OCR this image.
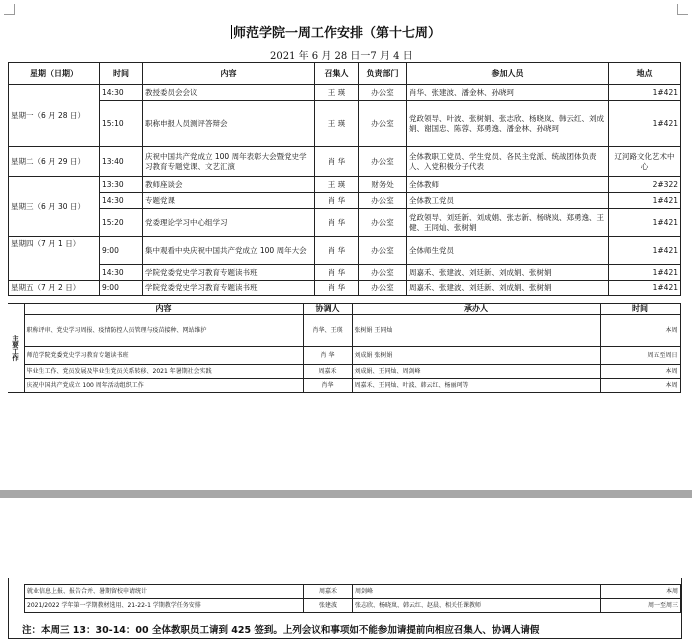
师范学院一周工作安排（第十七周）
2021 年 6 月 28 日一7 月 4 日
星期（日期）	时间	内容	召集人	负责部门	参加人员	地点
星期一（6 月 28 日）	14:30	教授委员会会议	王 瑛	办公室	肖华、张建波、潘金林、孙晓珂	1#421
	15:10	职称申报人员测评答辩会	王 瑛	办公室	党政领导、叶波、张树娟、张志欣、杨晓岚、韩云红、刘成娟、谢国忠、陈蓉、郑勇逸、潘金林、孙晓珂	1#421
星期二（6 月 29 日）	13:40	庆祝中国共产党成立 100 周年表彰大会暨党史学习教育专题党课、文艺汇演	肖 华	办公室	全体教职工党员、学生党员、各民主党派、统战团体负责人、入党积极分子代表	辽河路文化艺术中心
星期三（6 月 30 日）	13:30	教师座谈会	王 瑛	财务处	全体教师	2#322
	14:30	专题党课	肖 华	办公室	全体教工党员	1#421
	15:20	党委理论学习中心组学习	肖 华	办公室	党政领导、刘廷新、刘成娟、张志新、杨晓岚、郑勇逸、王健、王同灿、张树娟	1#421
星期四（7 月 1 日）	9:00	集中观看中央庆祝中国共产党成立 100 周年大会	肖 华	办公室	全体师生党员	1#421
	14:30	学院党委党史学习教育专题读书班	肖 华	办公室	周嘉禾、张建波、刘廷新、刘成娟、张树娟	1#421
星期五（7 月 2 日）	9:00	学院党委党史学习教育专题读书班	肖 华	办公室	周嘉禾、张建波、刘廷新、刘成娟、张树娟	1#421
主要工作	内容	协调人	承办人	时间
	职称评审、党史学习周报、疫情防控人员管理与疫苗接种、网站维护	肖华、王瑛	张树娟 王同灿	本周
	师范学院党委党史学习教育专题读书班	肖 华	刘成娟 张树娟	周五至周日
	毕业生工作、党员发展及毕业生党员关系转移、2021 年暑期社会实践	周嘉禾	刘成娟、王同灿、周剑峰	本周
	庆祝中国共产党成立 100 周年活动组织工作	肖华	周嘉禾、王同灿、叶波、韩云红、杨丽珂等	本周
就业信息上报、报告合并、暑期留校申请统计	周嘉禾	周剑峰	本周
2021/2022 学年第一学期教材选用、21-22-1 学期教学任务安排	张建波	张志欣、杨晓岚、韩云红、赵晨、相关任课教师	周一至周三
注：本周三 13：30-14：00 全体教职员工请到 425 签到。上列会议和事项如不能参加请提前向相应召集人、协调人请假
